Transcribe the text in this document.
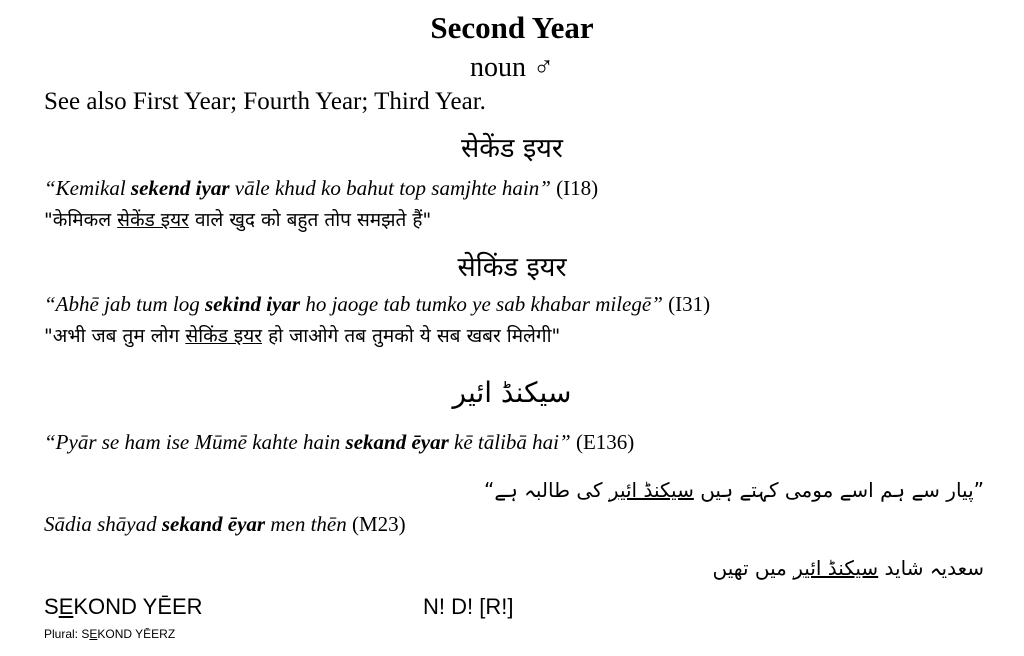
Second Year
noun ♂
See also First Year; Fourth Year; Third Year.
सेकेंड इयर
“Kemikal sekend iyar vāle khud ko bahut top samjhte hain” (I18)
"केमिकल सेकेंड इयर वाले खुद को बहुत तोप समझते हैं"
सेकिंड इयर
“Abhē jab tum log sekind iyar ho jaoge tab tumko ye sab khabar milegē” (I31)
"अभी जब तुम लोग सेकिंड इयर हो जाओगे तब तुमको ये सब खबर मिलेगी"
سیکنڈ ائیر
“Pyār se ham ise Mūmē kahte hain sekand ēyar kē tālibā hai” (E136)
”پیار سے ہم اسے مومی کہتے ہیں سیکنڈ ائیر کی طالبہ ہے“
Sādia shāyad sekand ēyar men thēn (M23)
سعدیہ شاید سیکنڈ ائیر میں تھیں
SEKOND YĒER	N! D! [R!]
Plural: SEKOND YĒERZ
